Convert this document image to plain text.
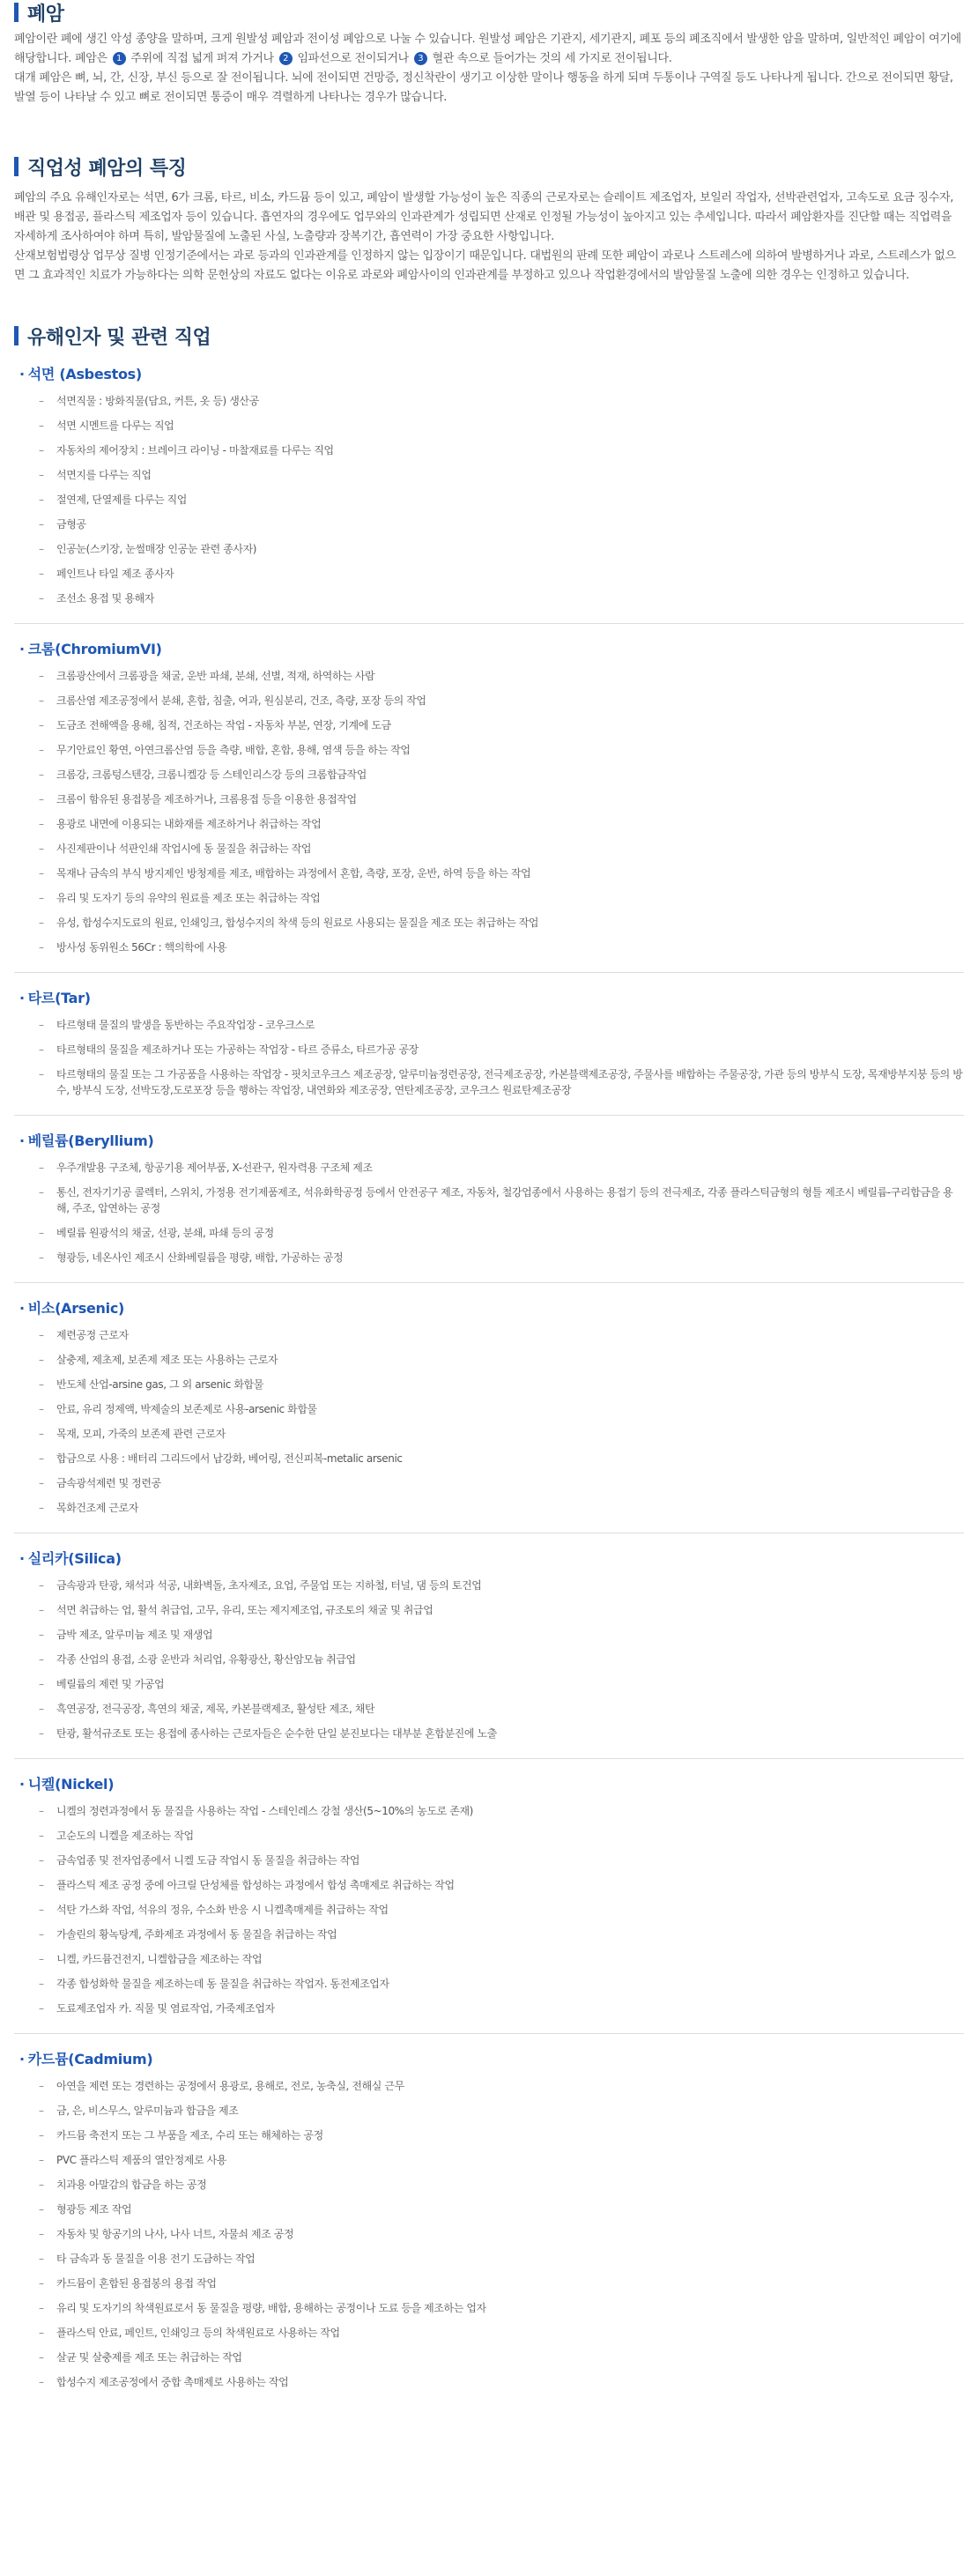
폐암

폐암이란 폐에 생긴 악성 종양을 말하며, 크게 원발성 폐암과 전이성 폐암으로 나눌 수 있습니다. 원발성 폐암은 기관지, 세기관지, 폐포 등의 폐조직에서 발생한 암을 말하며, 일반적인 폐암이 여기에 해당합니다. 폐암은 1 주위에 직접 넓게 퍼져 가거나 2 임파선으로 전이되거나 3 혈관 속으로 들어가는 것의 세 가지로 전이됩니다.

대개 폐암은 뼈, 뇌, 간, 신장, 부신 등으로 잘 전이됩니다. 뇌에 전이되면 건망증, 정신착란이 생기고 이상한 말이나 행동을 하게 되며 두통이나 구역질 등도 나타나게 됩니다. 간으로 전이되면 황달, 발열 등이 나타날 수 있고 뼈로 전이되면 통증이 매우 격렬하게 나타나는 경우가 많습니다.

직업성 폐암의 특징

폐암의 주요 유해인자로는 석면, 6가 크롬, 타르, 비소, 카드뮴 등이 있고, 폐암이 발생할 가능성이 높은 직종의 근로자로는 슬레이트 제조업자, 보일러 작업자, 선박관련업자, 고속도로 요금 징수자, 배관 및 용접공, 플라스틱 제조업자 등이 있습니다. 흡연자의 경우에도 업무와의 인과관계가 성립되면 산재로 인정될 가능성이 높아지고 있는 추세입니다. 따라서 폐암환자를 진단할 때는 직업력을 자세하게 조사하여야 하며 특히, 발암물질에 노출된 사실, 노출량과 장복기간, 흡연력이 가장 중요한 사항입니다.

산재보험법령상 업무상 질병 인정기준에서는 과로 등과의 인과관계를 인정하지 않는 입장이기 때문입니다. 대법원의 판례 또한 폐암이 과로나 스트레스에 의하여 발병하거나 과로, 스트레스가 없으면 그 효과적인 치료가 가능하다는 의학 문헌상의 자료도 없다는 이유로 과로와 폐암사이의 인과관계를 부정하고 있으나 작업환경에서의 발암물질 노출에 의한 경우는 인정하고 있습니다.

유해인자 및 관련 직업
· 석면 (Asbestos)
– 석면직물 : 방화직물(담요, 커튼, 옷 등) 생산공
– 석면 시멘트를 다루는 직업
– 자동차의 제어장치 : 브레이크 라이닝 - 마찰재료를 다루는 직업
– 석면지를 다루는 직업
– 절연제, 단열제를 다루는 직업
– 금형공
– 인공눈(스키장, 눈썰매장 인공눈 관련 종사자)
– 페인트나 타일 제조 종사자
– 조선소 용접 및 용해자
· 크롬(ChromiumVI)
– 크롬광산에서 크롬광을 채굴, 운반 파쇄, 분쇄, 선별, 적재, 하역하는 사람
– 크롬산염 제조공정에서 분쇄, 혼합, 침출, 여과, 원심분리, 건조, 측량, 포장 등의 작업
– 도금조 전해액을 용해, 침적, 건조하는 작업 - 자동차 부분, 연장, 기계에 도금
– 무기안료인 황연, 아연크롬산염 등을 측량, 배합, 혼합, 용해, 염색 등을 하는 작업
– 크롬강, 크롬텅스텐강, 크롬니켈강 등 스테인리스강 등의 크롬합금작업
– 크롬이 함유된 용접봉을 제조하거나, 크롬용접 등을 이용한 용접작업
– 용광로 내면에 이용되는 내화재를 제조하거나 취급하는 작업
– 사진제판이나 석판인쇄 작업시에 동 물질을 취급하는 작업
– 목재나 금속의 부식 방지제인 방청제를 제조, 배합하는 과정에서 혼합, 측량, 포장, 운반, 하역 등을 하는 작업
– 유리 및 도자기 등의 유약의 원료를 제조 또는 취급하는 작업
– 유성, 합성수지도료의 원료, 인쇄잉크, 합성수지의 착색 등의 원료로 사용되는 물질을 제조 또는 취급하는 작업
– 방사성 동위원소 56Cr : 핵의학에 사용
· 타르(Tar)
– 타르형태 물질의 발생을 동반하는 주요작업장 - 코우크스로
– 타르형태의 물질을 제조하거나 또는 가공하는 작업장 - 타르 증류소, 타르가공 공장
– 타르형태의 물질 또는 그 가공품을 사용하는 작업장 - 핏치코우크스 제조공장, 알루미늄정련공장, 전극제조공장, 카본블랙제조공장, 주물사를 배합하는 주물공장, 가관 등의 방부식 도장, 목재방부지붕 등의 방수, 방부식 도장, 선박도장,도로포장 등을 행하는 작업장, 내연화와 제조공장, 연탄제조공장, 코우크스 원료탄제조공장
· 베릴륨(Beryllium)
– 우주개발용 구조체, 항공기용 제어부품, X-선관구, 원자력용 구조체 제조
– 통신, 전자기기공 콜렉터, 스위치, 가정용 전기제품제조, 석유화학공정 등에서 안전공구 제조, 자동차, 철강업종에서 사용하는 용접기 등의 전극제조, 각종 플라스틱금형의 형틀 제조시 베릴륨-구리합금을 용해, 주조, 압연하는 공정
– 베릴륨 원광석의 채굴, 선광, 분쇄, 파쇄 등의 공정
– 형광등, 네온사인 제조시 산화베릴륨을 평량, 배합, 가공하는 공정
· 비소(Arsenic)
– 제련공정 근로자
– 살충제, 제초제, 보존제 제조 또는 사용하는 근로자
– 반도체 산업-arsine gas, 그 외 arsenic 화합물
– 안료, 유리 정제액, 박제술의 보존제로 사용-arsenic 화합물
– 목재, 모피, 가죽의 보존제 관련 근로자
– 합금으로 사용 : 배터리 그리드에서 납강화, 베어링, 전신피복-metalic arsenic
– 금속광석제련 및 정련공
– 목화건조제 근로자
· 실리카(Silica)
– 금속광과 탄광, 채석과 석공, 내화벽돌, 초자제조, 요업, 주물업 또는 지하철, 터널, 댐 등의 토건업
– 석면 취급하는 업, 활석 취급업, 고무, 유리, 또는 제지제조업, 규조토의 채굴 및 취급업
– 금박 제조, 알루미늄 제조 및 재생업
– 각종 산업의 용접, 소광 운반과 처리업, 유황광산, 황산암모늄 취급업
– 베릴륨의 제련 및 가공업
– 흑연공장, 전극공장, 흑연의 채굴, 제목, 카본블랙제조, 활성탄 제조, 채탄
– 탄광, 활석규조토 또는 용접에 종사하는 근로자들은 순수한 단일 분진보다는 대부분 혼합분진에 노출
· 니켈(Nickel)
– 니켈의 정련과정에서 동 물질을 사용하는 작업 - 스테인레스 강철 생산(5~10%의 농도로 존재)
– 고순도의 니켈을 제조하는 작업
– 금속업종 및 전자업종에서 니켈 도금 작업시 동 물질을 취급하는 작업
– 플라스틱 제조 공정 중에 아크릴 단성체를 합성하는 과정에서 합성 촉매제로 취급하는 작업
– 석탄 가스화 작업, 석유의 정유, 수소화 반응 시 니켈촉매제를 취급하는 작업
– 가솔린의 황녹탕계, 주화제조 과정에서 동 물질을 취급하는 작업
– 니켈, 카드뮴건전지, 니켈합금을 제조하는 작업
– 각종 합성화학 물질을 제조하는데 동 물질을 취급하는 작업자. 동전제조업자
– 도료제조업자 카. 직물 및 염료작업, 가죽제조업자
· 카드뮴(Cadmium)
– 아연을 제련 또는 경련하는 공정에서 용광로, 용해로, 전로, 농축실, 전해실 근무
– 금, 은, 비스무스, 알루미늄과 합금을 제조
– 카드뮴 축전지 또는 그 부품을 제조, 수리 또는 해체하는 공정
– PVC 플라스틱 제품의 열안정제로 사용
– 치과용 아말감의 합금을 하는 공정
– 형광등 제조 작업
– 자동차 및 항공기의 나사, 나사 너트, 자물쇠 제조 공정
– 타 금속과 동 물질을 이용 전기 도금하는 작업
– 카드뮴이 혼합된 용접봉의 용접 작업
– 유리 및 도자기의 착색원료로서 동 물질을 평량, 배합, 용해하는 공정이나 도료 등을 제조하는 업자
– 플라스틱 안료, 페인트, 인쇄잉크 등의 착색원료로 사용하는 작업
– 살균 및 살충제를 제조 또는 취급하는 작업
– 합성수지 제조공정에서 중합 촉매제로 사용하는 작업
